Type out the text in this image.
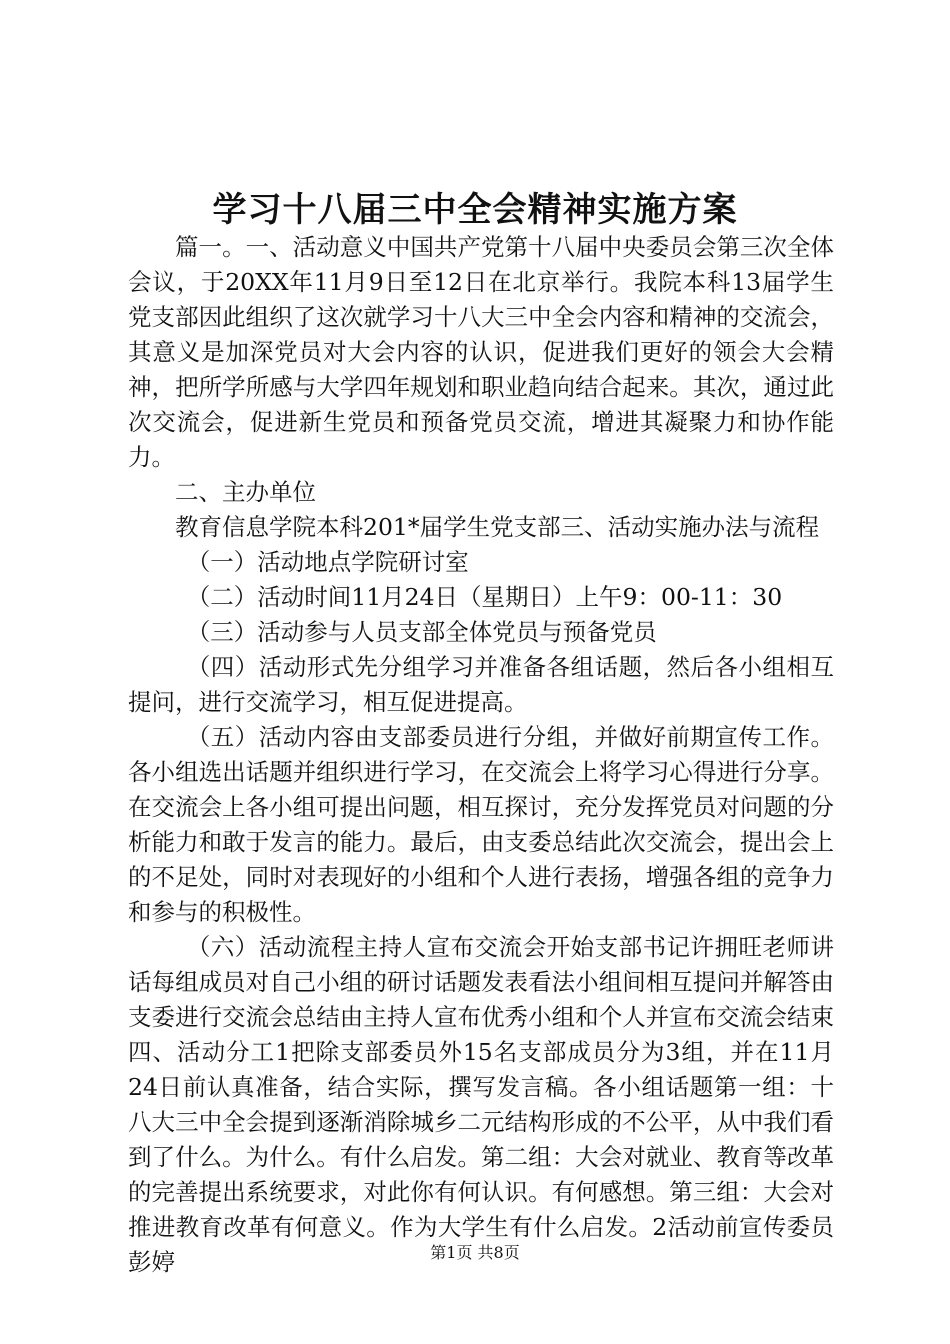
学习十八届三中全会精神实施方案

篇一。一、活动意义中国共产党第十八届中央委员会第三次全体会议，于20XX年11月9日至12日在北京举行。我院本科13届学生党支部因此组织了这次就学习十八大三中全会内容和精神的交流会，其意义是加深党员对大会内容的认识，促进我们更好的领会大会精神，把所学所感与大学四年规划和职业趋向结合起来。其次，通过此次交流会，促进新生党员和预备党员交流，增进其凝聚力和协作能力。

二、主办单位

教育信息学院本科201*届学生党支部三、活动实施办法与流程

（一）活动地点学院研讨室

（二）活动时间11月24日（星期日）上午9：00-11：30

（三）活动参与人员支部全体党员与预备党员

（四）活动形式先分组学习并准备各组话题，然后各小组相互提问，进行交流学习，相互促进提高。

（五）活动内容由支部委员进行分组，并做好前期宣传工作。各小组选出话题并组织进行学习，在交流会上将学习心得进行分享。在交流会上各小组可提出问题，相互探讨，充分发挥党员对问题的分析能力和敢于发言的能力。最后，由支委总结此次交流会，提出会上的不足处，同时对表现好的小组和个人进行表扬，增强各组的竞争力和参与的积极性。

（六）活动流程主持人宣布交流会开始支部书记许拥旺老师讲话每组成员对自己小组的研讨话题发表看法小组间相互提问并解答由支委进行交流会总结由主持人宣布优秀小组和个人并宣布交流会结束四、活动分工1把除支部委员外15名支部成员分为3组，并在11月24日前认真准备，结合实际，撰写发言稿。各小组话题第一组：十八大三中全会提到逐渐消除城乡二元结构形成的不公平，从中我们看到了什么。为什么。有什么启发。第二组：大会对就业、教育等改革的完善提出系统要求，对此你有何认识。有何感想。第三组：大会对推进教育改革有何意义。作为大学生有什么启发。2活动前宣传委员彭婷	第1页 共8页
